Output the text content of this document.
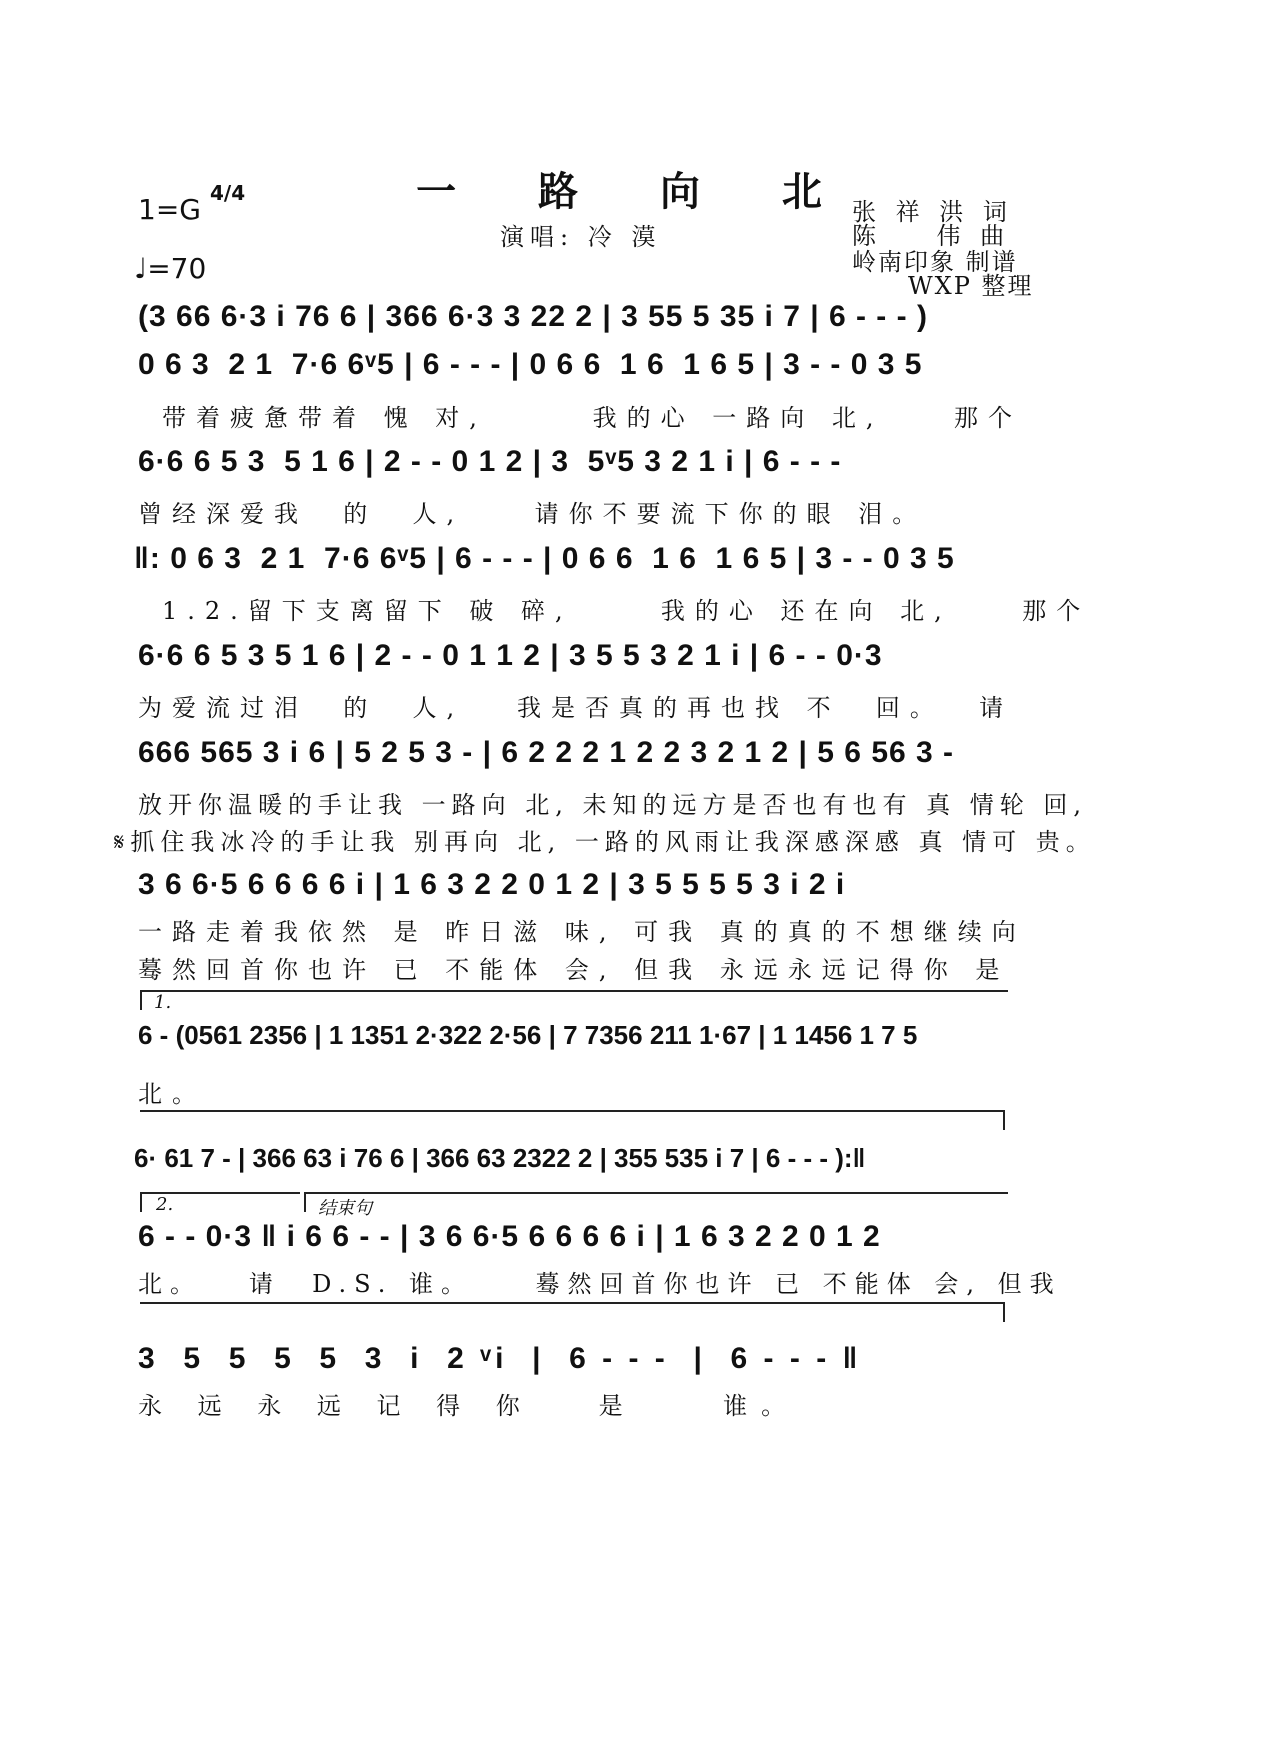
一 路 向 北
1=G 4/4
♩=70
演唱: 冷 漠
张 祥 洪 词
陈    伟 曲
岭南印象 制谱
WXP 整理
(3 66 6·3 i 76 6 | 366 6·3 3 22 2 | 3 55 5 35 i 7 | 6 - - - )
0 6 3  2 1  7·6 6ᵛ5 | 6 - - - | 0 6 6  1 6  1 6 5 | 3 - - 0 3 5
带着疲惫带着 愧 对,      我的心 一路向 北,    那个
6·6 6 5 3  5 1 6 | 2 - - 0 1 2 | 3  5ᵛ5 3 2 1 i | 6 - - -
曾经深爱我  的  人,    请你不要流下你的眼 泪。
‖: 0 6 3  2 1  7·6 6ᵛ5 | 6 - - - | 0 6 6  1 6  1 6 5 | 3 - - 0 3 5
1.2.留下支离留下 破 碎,     我的心 还在向 北,    那个
6·6 6 5 3 5 1 6 | 2 - - 0 1 1 2 | 3 5 5 3 2 1 i | 6 - - 0·3
为爱流过泪  的  人,   我是否真的再也找 不  回。  请
666 565 3 i 6 | 5 2 5 3 - | 6 2 2 2 1 2 2 3 2 1 2 | 5 6 56 3 -
放开你温暖的手让我 一路向 北, 未知的远方是否也有也有 真 情轮 回,
𝄋抓住我冰冷的手让我 别再向 北, 一路的风雨让我深感深感 真 情可 贵。
3 6 6·5 6 6 6 6 i | 1 6 3 2 2 0 1 2 | 3 5 5 5 5 3 i 2 i
一路走着我依然 是 昨日滋 味, 可我 真的真的不想继续向
蓦然回首你也许 已 不能体 会, 但我 永远永远记得你 是
1.
6 - (0561 2356 | 1 1351 2·322 2·56 | 7 7356 211 1·67 | 1 1456 1 7 5
北。
6· 61 7 - | 366 63 i 76 6 | 366 63 2322 2 | 355 535 i 7 | 6 - - - ):‖
2.	结束句
6 - - 0·3 ‖ i 6 6 - - | 3 6 6·5 6 6 6 6 i | 1 6 3 2 2 0 1 2
北。   请  D.S. 谁。    蓦然回首你也许 已 不能体 会, 但我
3  5  5  5  5  3  i  2 ᵛi  |  6 - - -  |  6 - - - ‖
永 远 永 远 记 得 你   是    谁。
